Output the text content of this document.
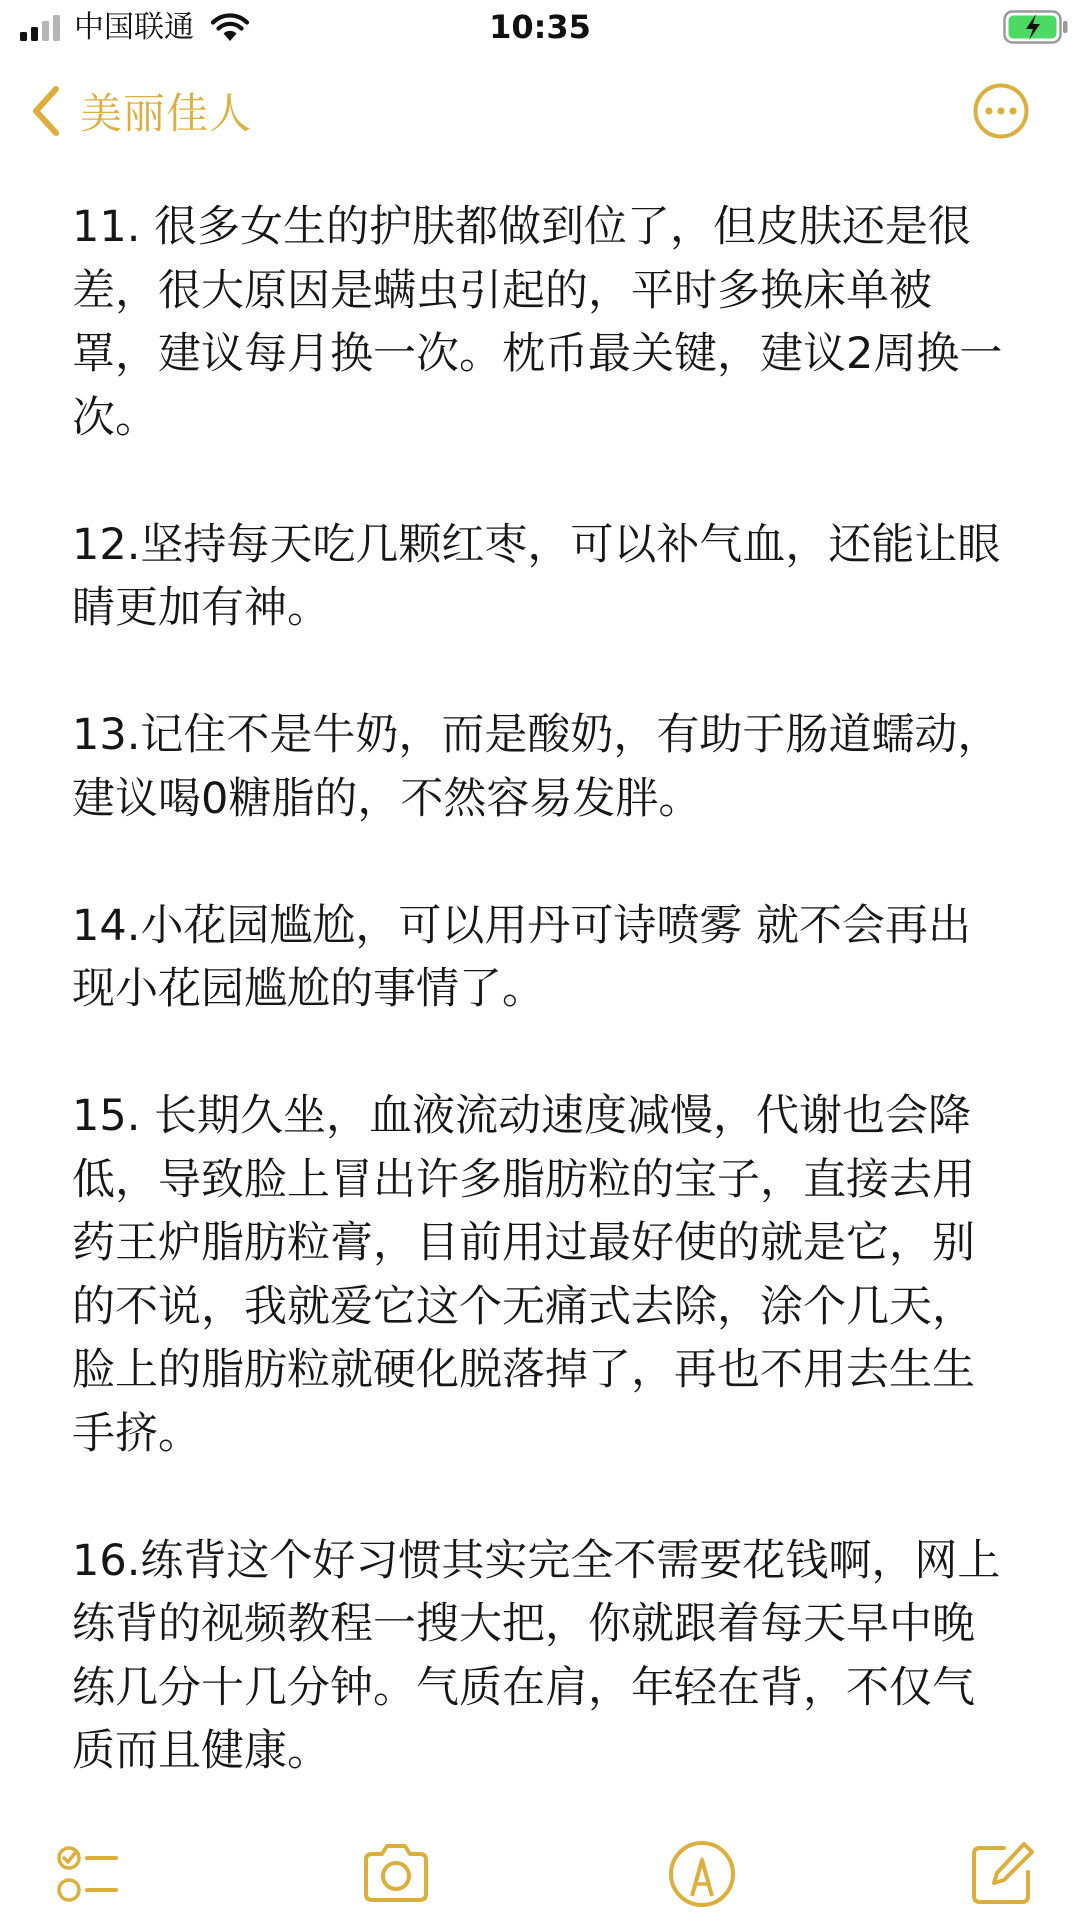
中国联通	10:35
美丽佳人

11. 很多女生的护肤都做到位了，但皮肤还是很差，很大原因是螨虫引起的，平时多换床单被罩，建议每月换一次。枕币最关键，建议2周换一次。

12.坚持每天吃几颗红枣，可以补气血，还能让眼睛更加有神。

13.记住不是牛奶，而是酸奶，有助于肠道蠕动，建议喝0糖脂的，不然容易发胖。

14.小花园尴尬，可以用丹可诗喷雾 就不会再出现小花园尴尬的事情了。

15. 长期久坐，血液流动速度减慢，代谢也会降低，导致脸上冒出许多脂肪粒的宝子，直接去用药王炉脂肪粒膏，目前用过最好使的就是它，别的不说，我就爱它这个无痛式去除，涂个几天，脸上的脂肪粒就硬化脱落掉了，再也不用去生生手挤。

16.练背这个好习惯其实完全不需要花钱啊，网上练背的视频教程一搜大把，你就跟着每天早中晚练几分十几分钟。气质在肩，年轻在背，不仅气质而且健康。
